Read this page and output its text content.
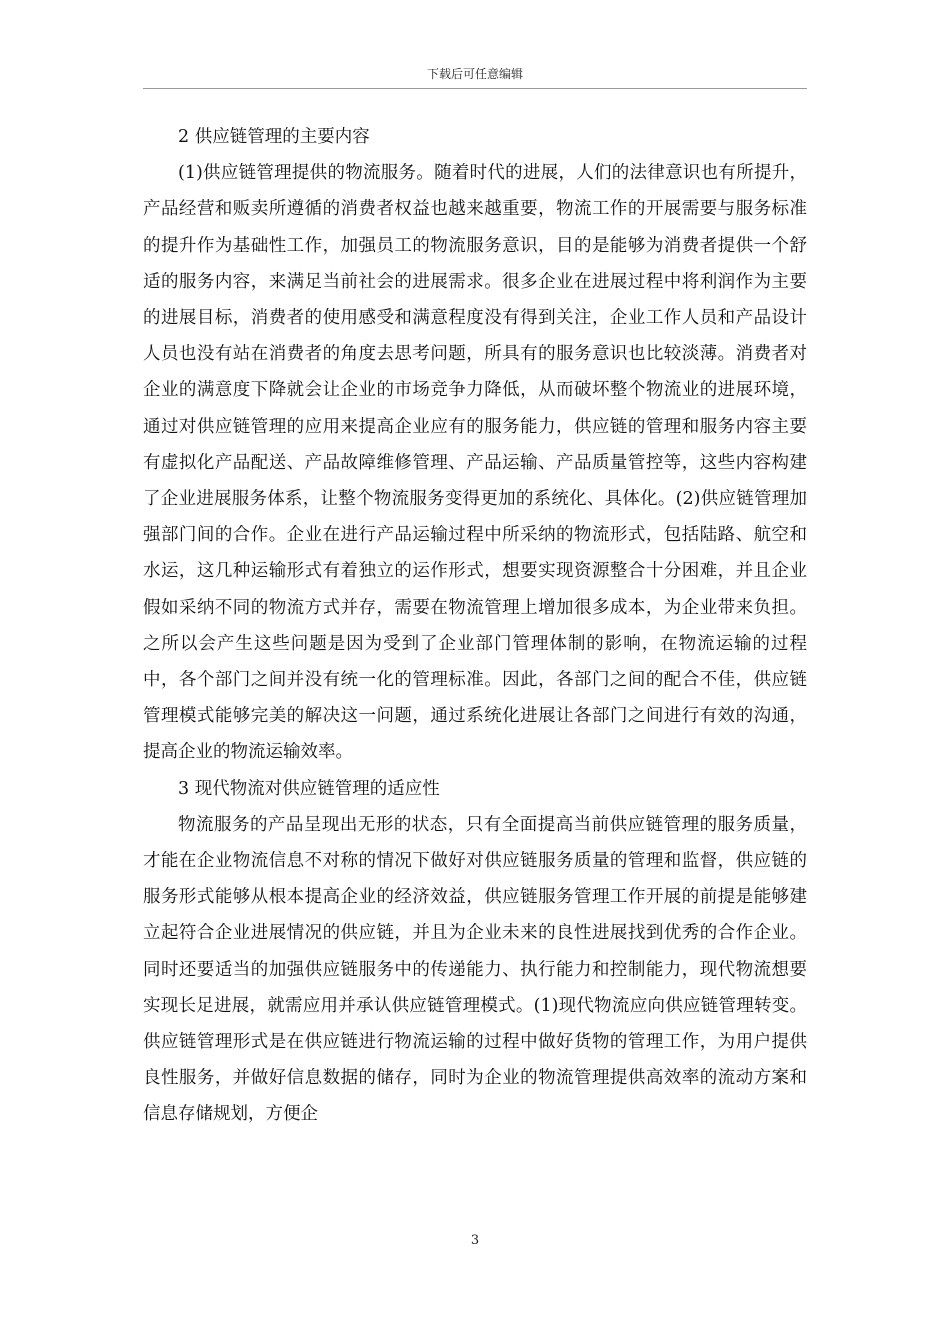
下载后可任意编辑

2 供应链管理的主要内容

(1)供应链管理提供的物流服务。随着时代的进展，人们的法律意识也有所提升，产品经营和贩卖所遵循的消费者权益也越来越重要，物流工作的开展需要与服务标准的提升作为基础性工作，加强员工的物流服务意识，目的是能够为消费者提供一个舒适的服务内容，来满足当前社会的进展需求。很多企业在进展过程中将利润作为主要的进展目标，消费者的使用感受和满意程度没有得到关注，企业工作人员和产品设计人员也没有站在消费者的角度去思考问题，所具有的服务意识也比较淡薄。消费者对企业的满意度下降就会让企业的市场竞争力降低，从而破坏整个物流业的进展环境，通过对供应链管理的应用来提高企业应有的服务能力，供应链的管理和服务内容主要有虚拟化产品配送、产品故障维修管理、产品运输、产品质量管控等，这些内容构建了企业进展服务体系，让整个物流服务变得更加的系统化、具体化。(2)供应链管理加强部门间的合作。企业在进行产品运输过程中所采纳的物流形式，包括陆路、航空和水运，这几种运输形式有着独立的运作形式，想要实现资源整合十分困难，并且企业假如采纳不同的物流方式并存，需要在物流管理上增加很多成本，为企业带来负担。之所以会产生这些问题是因为受到了企业部门管理体制的影响，在物流运输的过程中，各个部门之间并没有统一化的管理标准。因此，各部门之间的配合不佳，供应链管理模式能够完美的解决这一问题，通过系统化进展让各部门之间进行有效的沟通，提高企业的物流运输效率。

3 现代物流对供应链管理的适应性

物流服务的产品呈现出无形的状态，只有全面提高当前供应链管理的服务质量，才能在企业物流信息不对称的情况下做好对供应链服务质量的管理和监督，供应链的服务形式能够从根本提高企业的经济效益，供应链服务管理工作开展的前提是能够建立起符合企业进展情况的供应链，并且为企业未来的良性进展找到优秀的合作企业。同时还要适当的加强供应链服务中的传递能力、执行能力和控制能力，现代物流想要实现长足进展，就需应用并承认供应链管理模式。(1)现代物流应向供应链管理转变。供应链管理形式是在供应链进行物流运输的过程中做好货物的管理工作，为用户提供良性服务，并做好信息数据的储存，同时为企业的物流管理提供高效率的流动方案和信息存储规划，方便企

3
